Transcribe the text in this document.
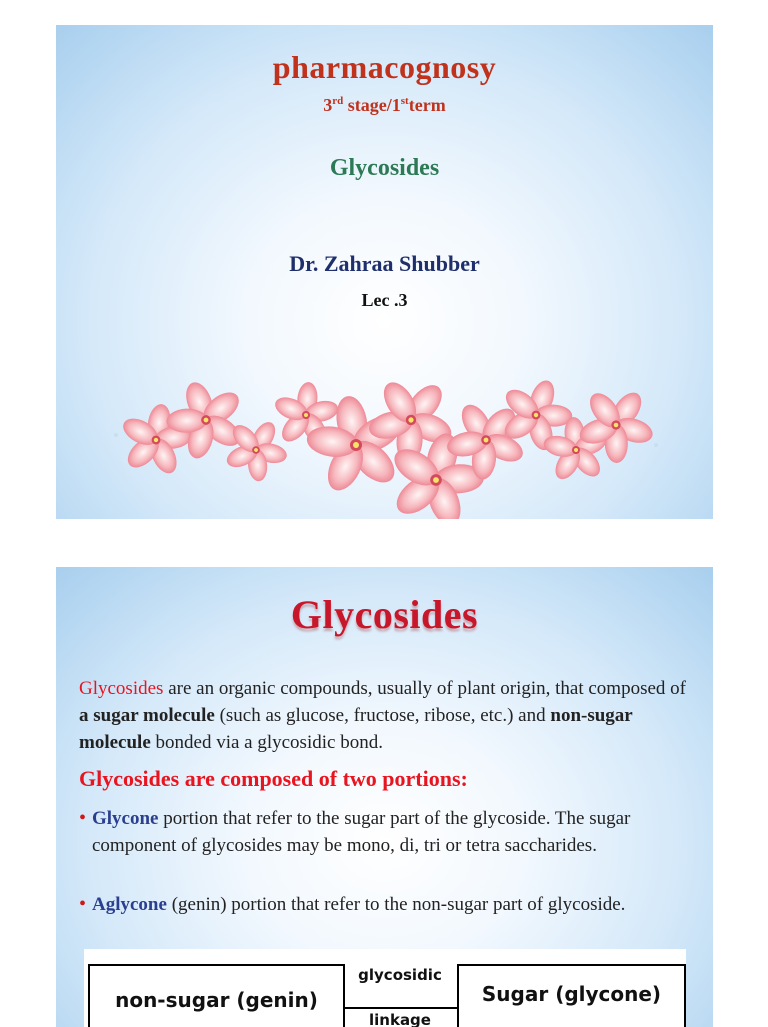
pharmacognosy
3rd stage/1stterm
Glycosides
Dr. Zahraa Shubber
Lec .3
Glycosides
Glycosides are an organic compounds, usually of plant origin, that composed of a sugar molecule (such as glucose, fructose, ribose, etc.) and non-sugar molecule bonded via a glycosidic bond.
Glycosides are composed of two portions:
• Glycone portion that refer to the sugar part of the glycoside. The sugar component of glycosides may be mono, di, tri or tetra saccharides.
• Aglycone (genin) portion that refer to the non-sugar part of glycoside.
non-sugar (genin)
glycosidic
linkage
Sugar (glycone)
